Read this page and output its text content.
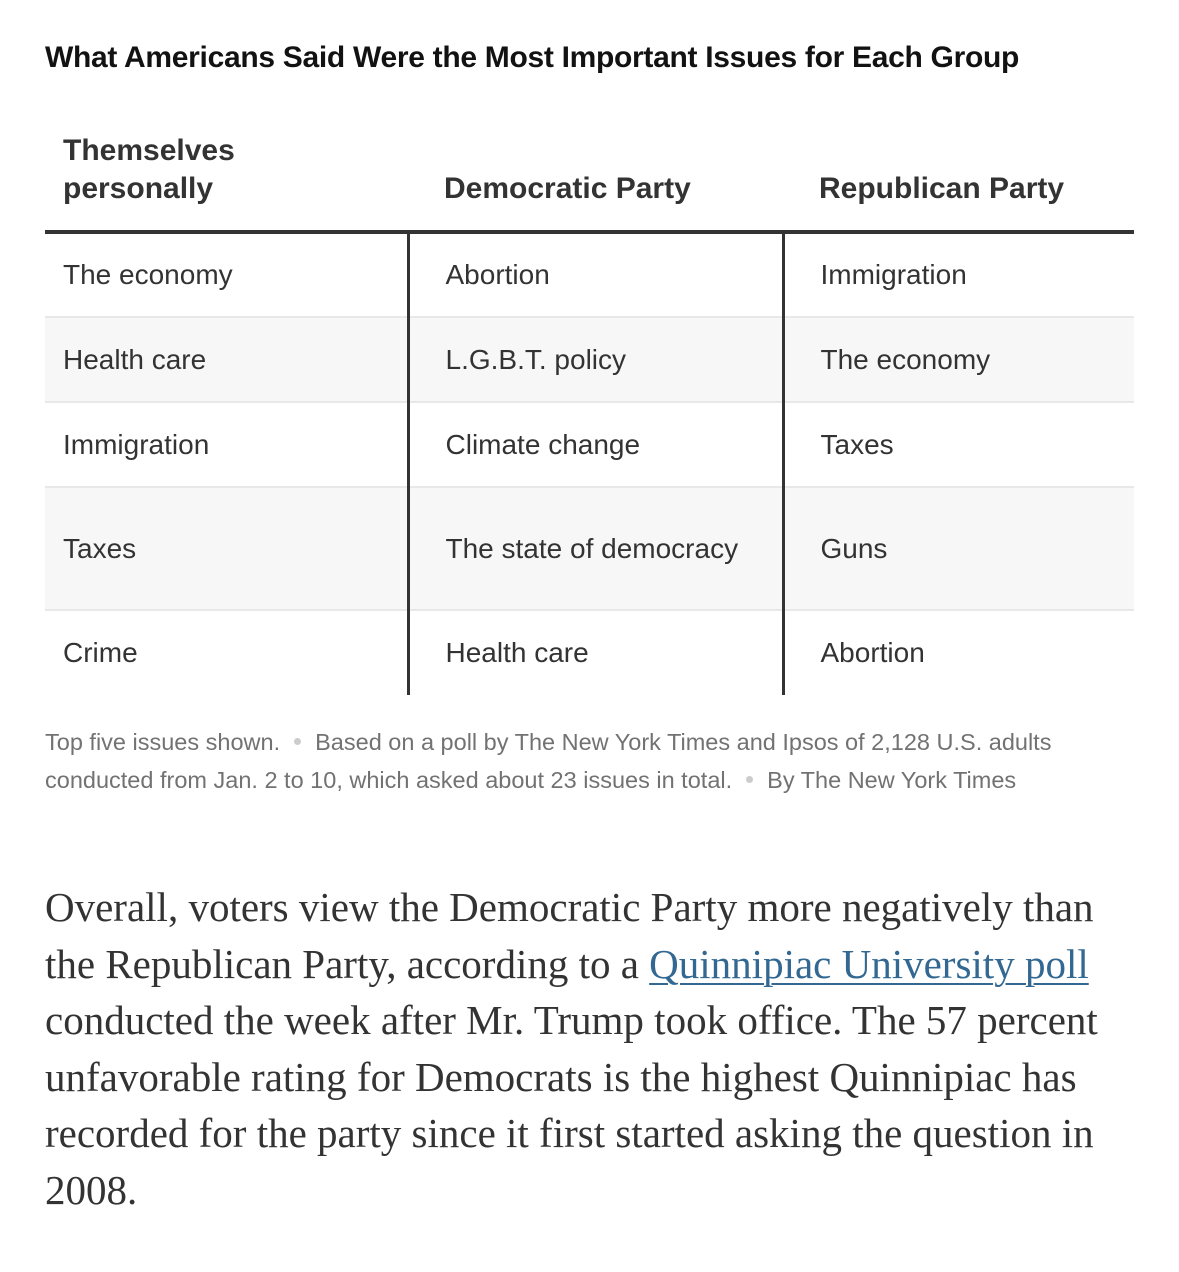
What Americans Said Were the Most Important Issues for Each Group
Themselves personally	Democratic Party	Republican Party
The economy	Abortion	Immigration
Health care	L.G.B.T. policy	The economy
Immigration	Climate change	Taxes
Taxes	The state of democracy	Guns
Crime	Health care	Abortion
Top five issues shown. Based on a poll by The New York Times and Ipsos of 2,128 U.S. adults conducted from Jan. 2 to 10, which asked about 23 issues in total. By The New York Times

Overall, voters view the Democratic Party more negatively than the Republican Party, according to a Quinnipiac University poll conducted the week after Mr. Trump took office. The 57 percent unfavorable rating for Democrats is the highest Quinnipiac has recorded for the party since it first started asking the question in 2008.
